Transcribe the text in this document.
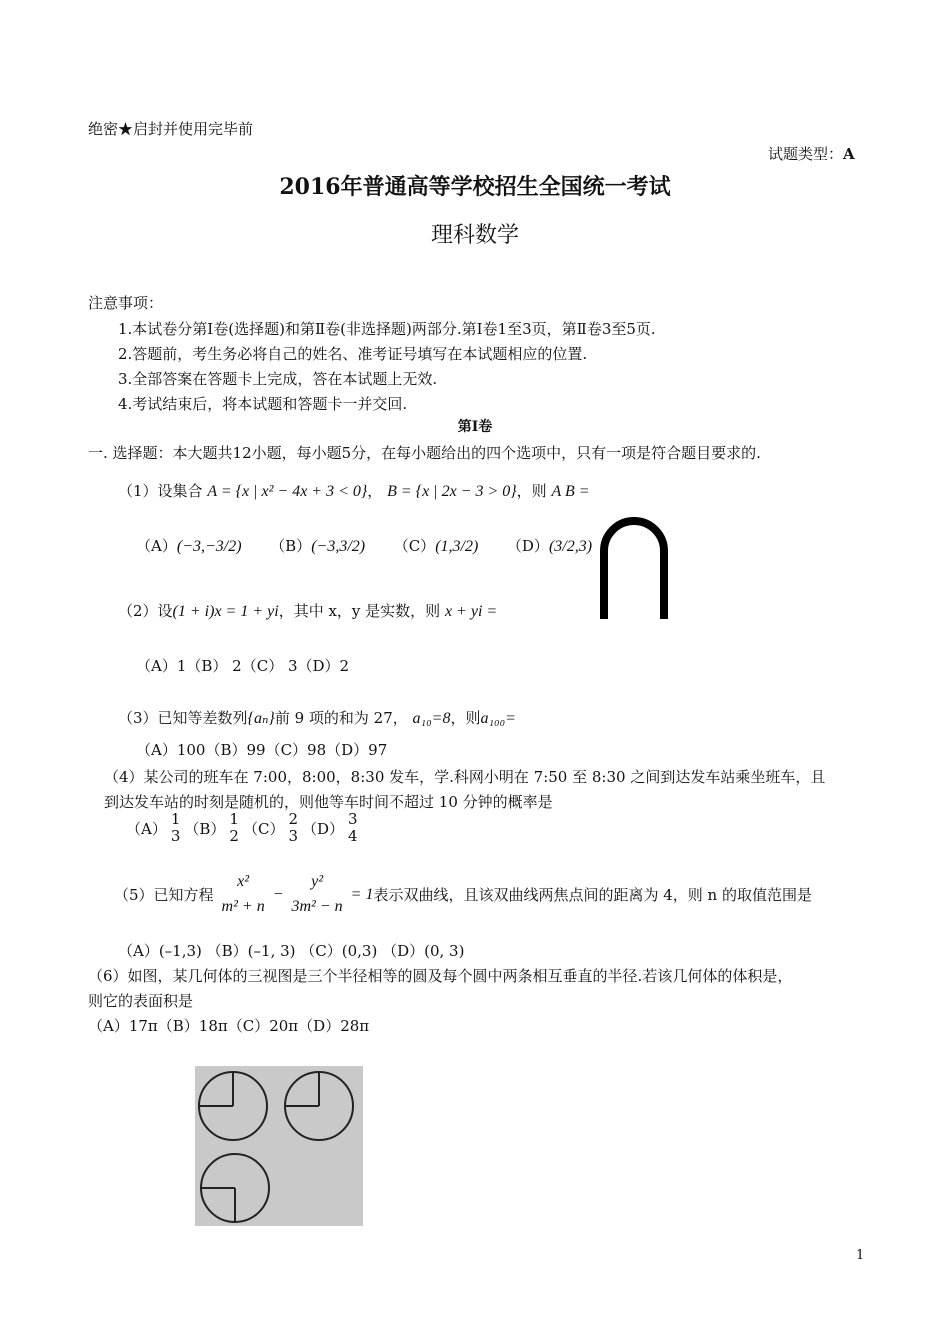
绝密★启封并使用完毕前
试题类型：A
2016年普通高等学校招生全国统一考试
理科数学
注意事项：
1.本试卷分第Ⅰ卷(选择题)和第Ⅱ卷(非选择题)两部分.第Ⅰ卷1至3页，第Ⅱ卷3至5页.
2.答题前，考生务必将自己的姓名、准考证号填写在本试题相应的位置.
3.全部答案在答题卡上完成，答在本试题上无效.
4.考试结束后，将本试题和答题卡一并交回.
第Ⅰ卷
一. 选择题：本大题共12小题，每小题5分，在每小题给出的四个选项中，只有一项是符合题目要求的.
（1）设集合 A = {x | x² − 4x + 3 < 0}， B = {x | 2x − 3 > 0}，则 A B =
（A）(−3,−3/2) （B）(−3,3/2) （C）(1,3/2) （D）(3/2,3)
（2）设(1 + i)x = 1 + yi，其中 x，y 是实数，则 x + yi =
（A）1（B） 2（C） 3（D）2
（3）已知等差数列{aₙ}前 9 项的和为 27， a₁₀=8，则a₁₀₀=
（A）100（B）99（C）98（D）97
（4）某公司的班车在 7:00，8:00，8:30 发车，学.科网小明在 7:50 至 8:30 之间到达发车站乘坐班车，且
到达发车站的时刻是随机的，则他等车时间不超过 10 分钟的概率是
（A）
1
3 （B）
1
2 （C）
2
3 （D）
3
4
（5）已知方程
x²
m² + n
−
y²
3m² − n
= 1 表示双曲线，且该双曲线两焦点间的距离为 4，则 n 的取值范围是
（A）(–1,3) （B）(–1, 3) （C）(0,3) （D）(0, 3)
（6）如图，某几何体的三视图是三个半径相等的圆及每个圆中两条相互垂直的半径.若该几何体的体积是，
则它的表面积是
（A）17π（B）18π（C）20π（D）28π
1
